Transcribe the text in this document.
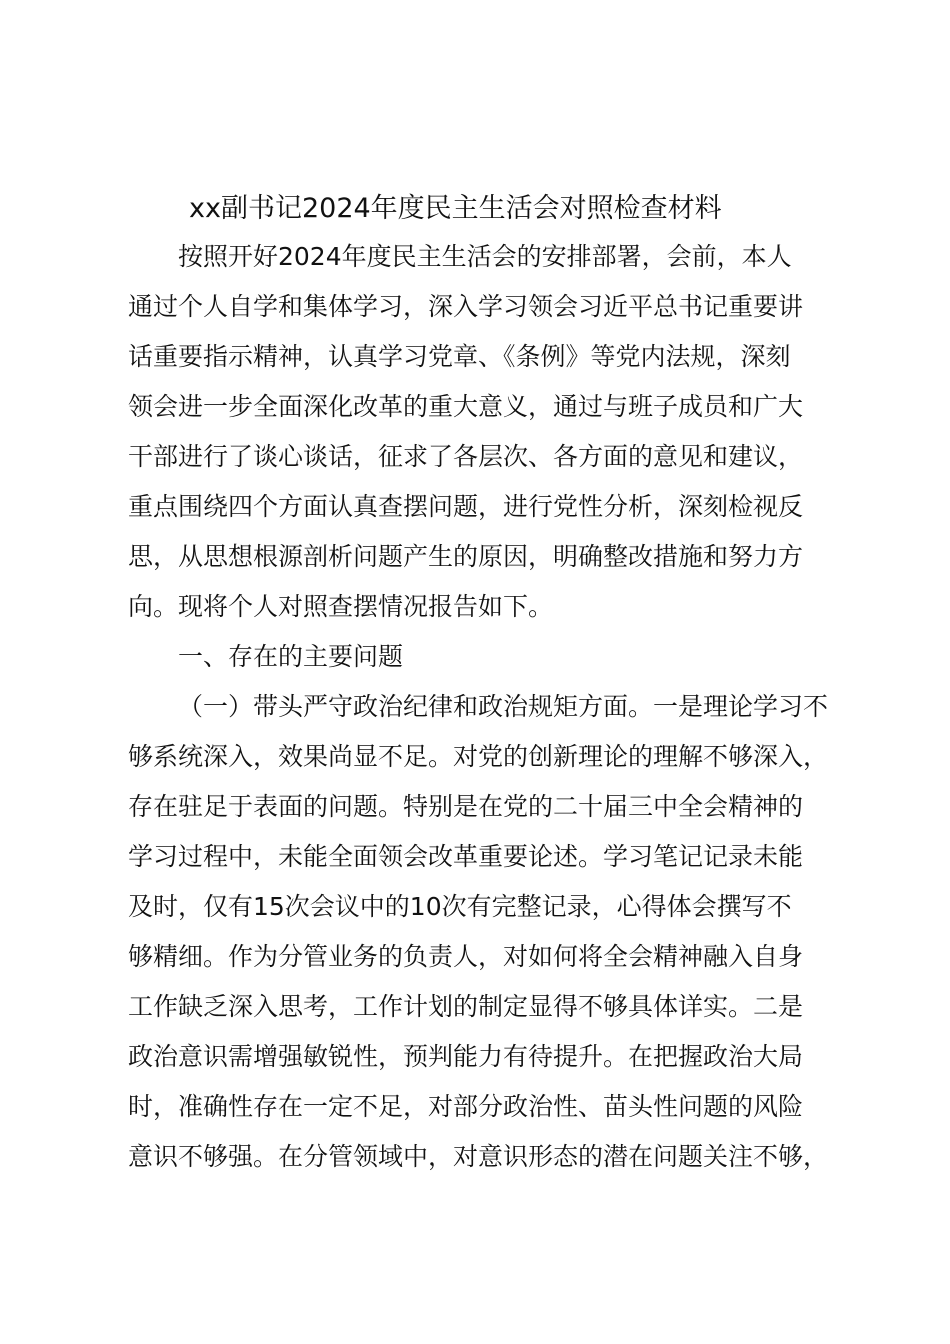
xx副书记2024年度民主生活会对照检查材料

按照开好2024年度民主生活会的安排部署，会前，本人

通过个人自学和集体学习，深入学习领会习近平总书记重要讲

话重要指示精神，认真学习党章、《条例》等党内法规，深刻

领会进一步全面深化改革的重大意义，通过与班子成员和广大

干部进行了谈心谈话，征求了各层次、各方面的意见和建议，

重点围绕四个方面认真查摆问题，进行党性分析，深刻检视反

思，从思想根源剖析问题产生的原因，明确整改措施和努力方

向。现将个人对照查摆情况报告如下。

一、存在的主要问题

（一）带头严守政治纪律和政治规矩方面。一是理论学习不

够系统深入，效果尚显不足。对党的创新理论的理解不够深入，

存在驻足于表面的问题。特别是在党的二十届三中全会精神的

学习过程中，未能全面领会改革重要论述。学习笔记记录未能

及时，仅有15次会议中的10次有完整记录，心得体会撰写不

够精细。作为分管业务的负责人，对如何将全会精神融入自身

工作缺乏深入思考，工作计划的制定显得不够具体详实。二是

政治意识需增强敏锐性，预判能力有待提升。在把握政治大局

时，准确性存在一定不足，对部分政治性、苗头性问题的风险

意识不够强。在分管领域中，对意识形态的潜在问题关注不够，
